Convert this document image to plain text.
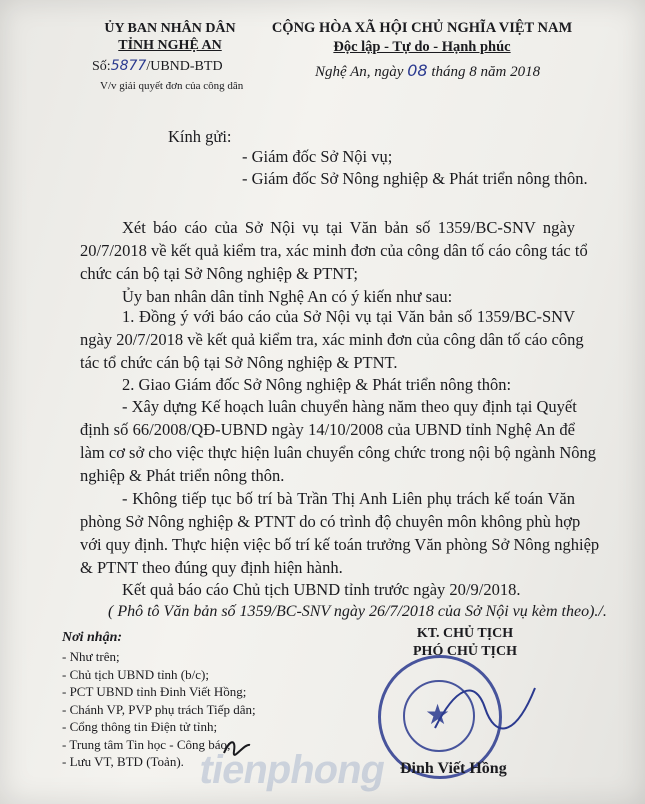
ỦY BAN NHÂN DÂN
TỈNH NGHỆ AN
Số:5877/UBND-BTD
V/v giải quyết đơn của công dân
CỘNG HÒA XÃ HỘI CHỦ NGHĨA VIỆT NAM
Độc lập - Tự do - Hạnh phúc
Nghệ An, ngày 08 tháng 8 năm 2018
Kính gửi:
- Giám đốc Sở Nội vụ;
- Giám đốc Sở Nông nghiệp & Phát triển nông thôn.
Xét báo cáo của Sở Nội vụ tại Văn bản số 1359/BC-SNV ngày
20/7/2018 về kết quả kiểm tra, xác minh đơn của công dân tố cáo công tác tổ
chức cán bộ tại Sở Nông nghiệp & PTNT;
Ủy ban nhân dân tỉnh Nghệ An có ý kiến như sau:
1. Đồng ý với báo cáo của Sở Nội vụ tại Văn bản số 1359/BC-SNV
ngày 20/7/2018 về kết quả kiểm tra, xác minh đơn của công dân tố cáo công
tác tổ chức cán bộ tại Sở Nông nghiệp & PTNT.
2. Giao Giám đốc Sở Nông nghiệp & Phát triển nông thôn:
- Xây dựng Kế hoạch luân chuyển hàng năm theo quy định tại Quyết
định số 66/2008/QĐ-UBND ngày 14/10/2008 của UBND tỉnh Nghệ An để
làm cơ sở cho việc thực hiện luân chuyển công chức trong nội bộ ngành Nông
nghiệp & Phát triển nông thôn.
- Không tiếp tục bố trí bà Trần Thị Anh Liên phụ trách kế toán Văn
phòng Sở Nông nghiệp & PTNT do có trình độ chuyên môn không phù hợp
với quy định. Thực hiện việc bố trí kế toán trưởng Văn phòng Sở Nông nghiệp
& PTNT theo đúng quy định hiện hành.
Kết quả báo cáo Chủ tịch UBND tỉnh trước ngày 20/9/2018.
( Phô tô Văn bản số 1359/BC-SNV ngày 26/7/2018 của Sở Nội vụ kèm theo)./.
Nơi nhận:
- Như trên;
- Chủ tịch UBND tỉnh (b/c);
- PCT UBND tỉnh Đinh Viết Hồng;
- Chánh VP, PVP phụ trách Tiếp dân;
- Cổng thông tin Điện tử tỉnh;
- Trung tâm Tin học - Công báo;
- Lưu VT, BTD (Toản).
KT. CHỦ TỊCH
PHÓ CHỦ TỊCH
★
Đinh Viết Hồng
tienphong
